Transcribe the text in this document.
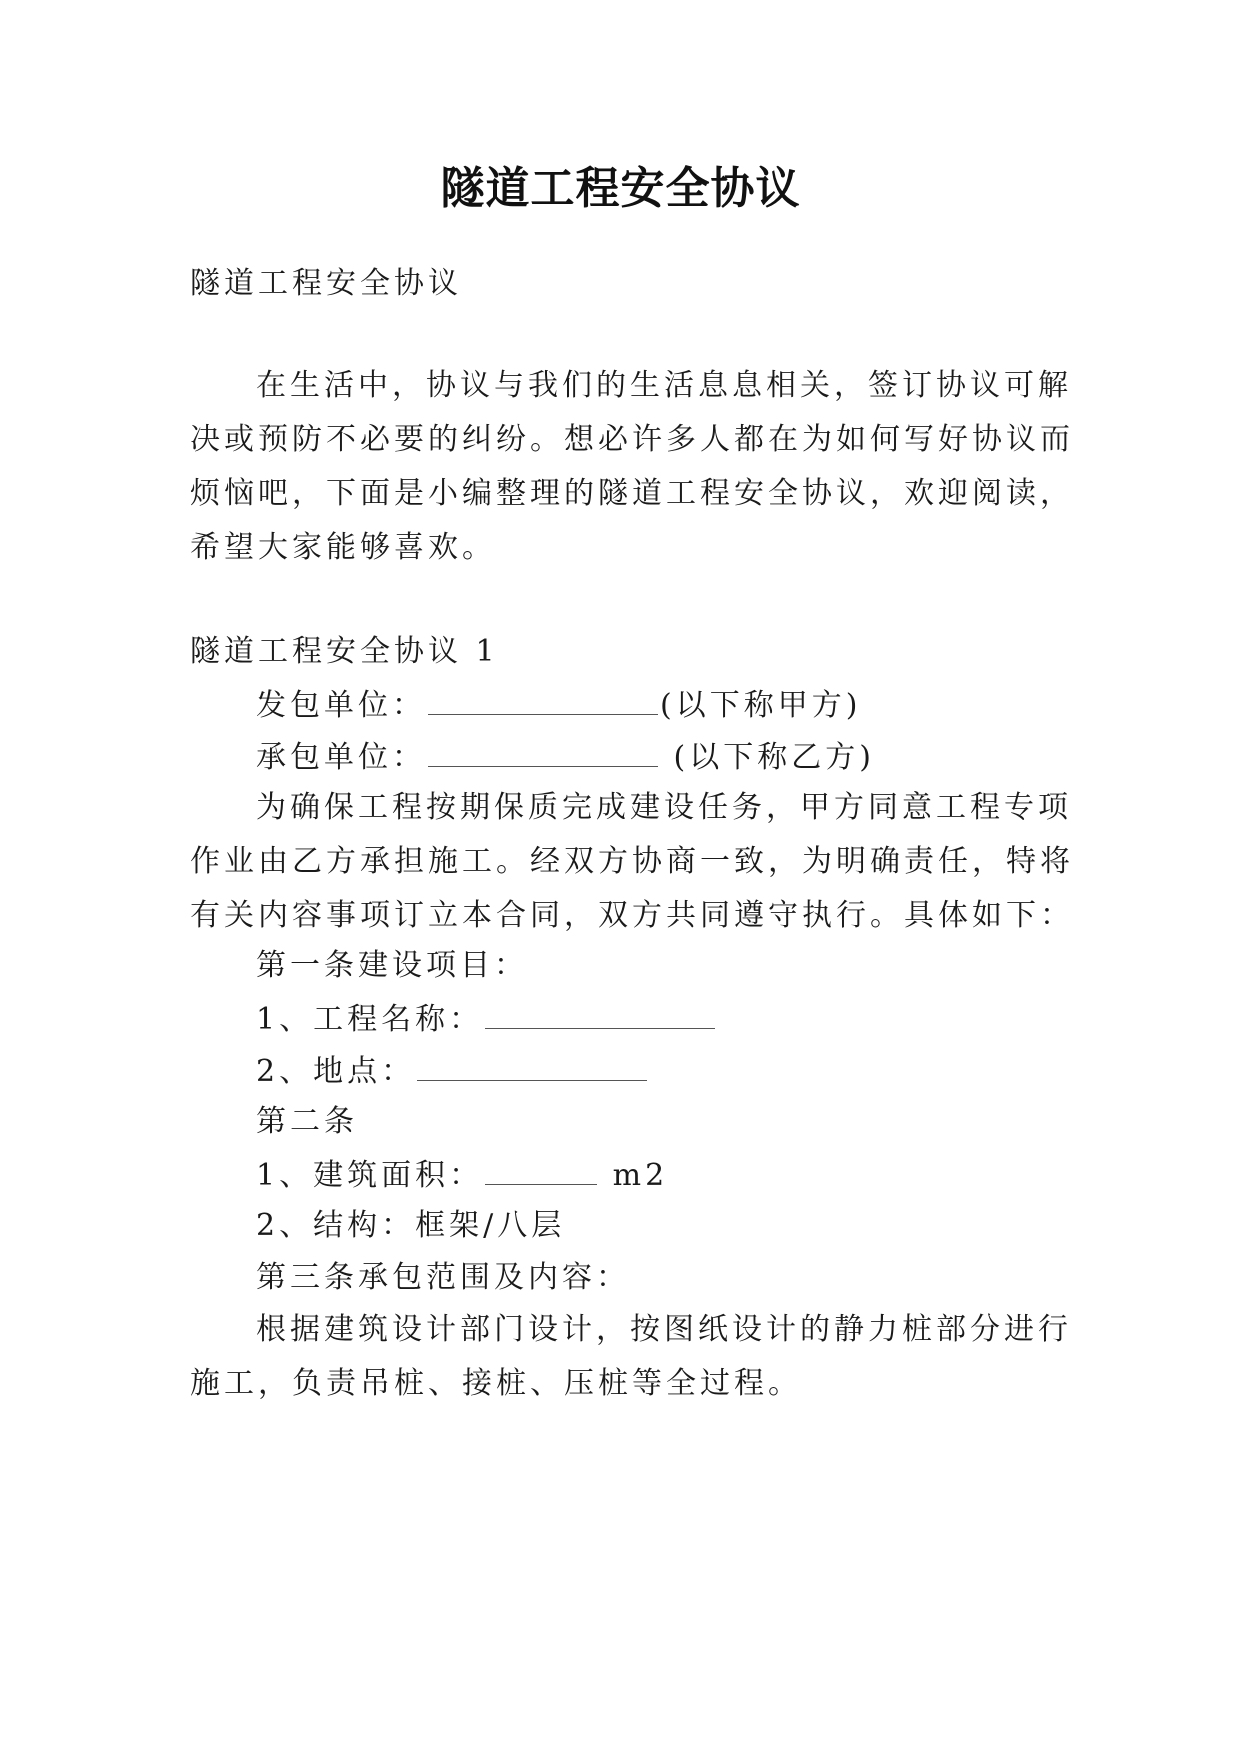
隧道工程安全协议
隧道工程安全协议
在生活中，协议与我们的生活息息相关，签订协议可解
决或预防不必要的纠纷。想必许多人都在为如何写好协议而
烦恼吧，下面是小编整理的隧道工程安全协议，欢迎阅读，
希望大家能够喜欢。
隧道工程安全协议 1
发包单位：	(以下称甲方)
承包单位：	(以下称乙方)
为确保工程按期保质完成建设任务，甲方同意工程专项
作业由乙方承担施工。经双方协商一致，为明确责任，特将
有关内容事项订立本合同，双方共同遵守执行。具体如下：
第一条建设项目：
1、工程名称：
2、地点：
第二条
1、建筑面积：	m2
2、结构：框架/八层
第三条承包范围及内容：
根据建筑设计部门设计，按图纸设计的静力桩部分进行
施工，负责吊桩、接桩、压桩等全过程。
